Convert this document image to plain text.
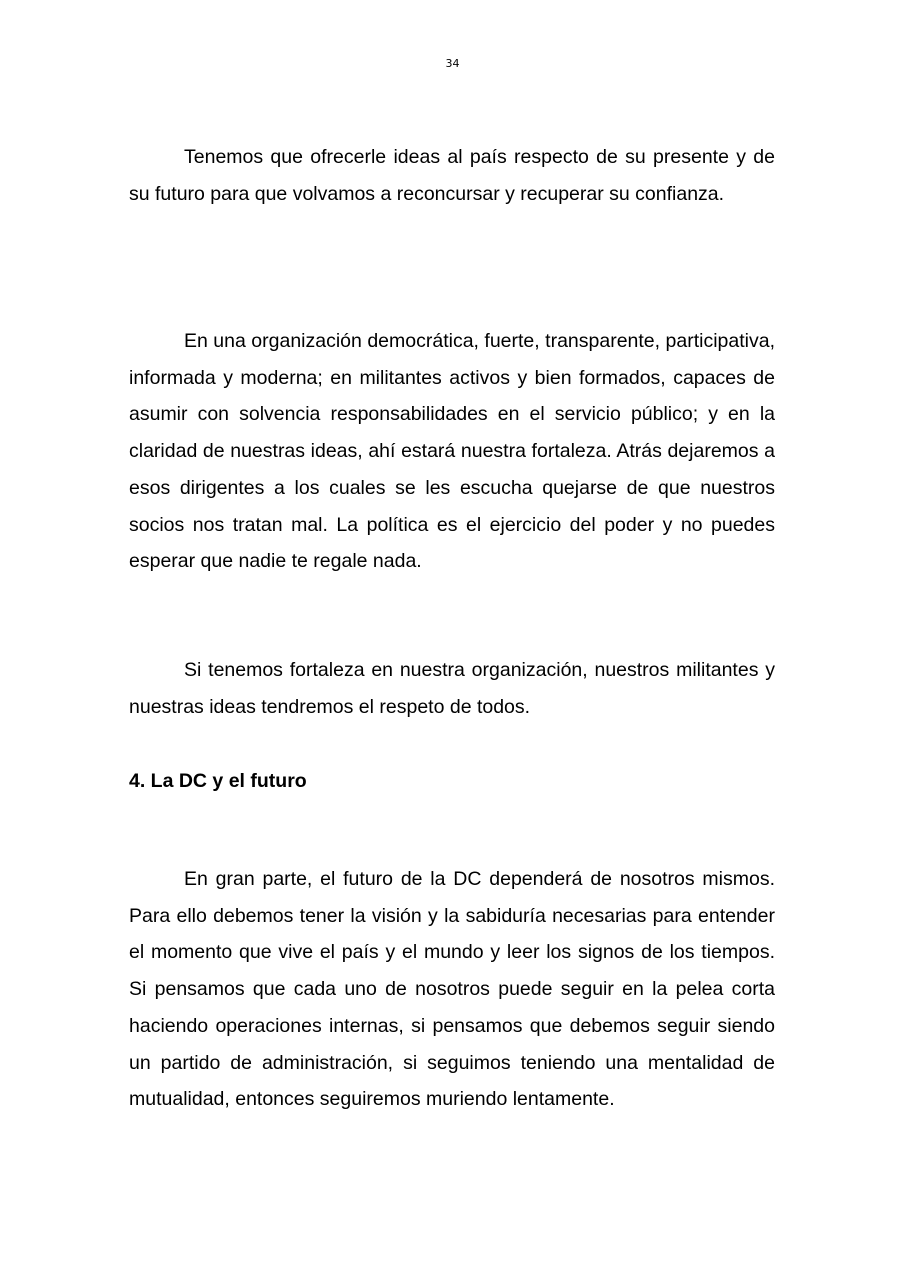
34

Tenemos que ofrecerle ideas al país respecto de su presente y de su futuro para que volvamos a reconcursar y recuperar su confianza.

En una organización democrática, fuerte, transparente, participativa, informada y moderna; en militantes activos y bien formados, capaces de asumir con solvencia responsabilidades en el servicio público; y en la claridad de nuestras ideas, ahí estará nuestra fortaleza. Atrás dejaremos a esos dirigentes a los cuales se les escucha quejarse de que nuestros socios nos tratan mal. La política es el ejercicio del poder y no puedes esperar que nadie te regale nada.

Si tenemos fortaleza en nuestra organización, nuestros militantes y nuestras ideas tendremos el respeto de todos.

4. La DC y el futuro

En gran parte, el futuro de la DC dependerá de nosotros mismos. Para ello debemos tener la visión y la sabiduría necesarias para entender el momento que vive el país y el mundo y leer los signos de los tiempos. Si pensamos que cada uno de nosotros puede seguir en la pelea corta haciendo operaciones internas, si pensamos que debemos seguir siendo un partido de administración, si seguimos teniendo una mentalidad de mutualidad, entonces seguiremos muriendo lentamente.
